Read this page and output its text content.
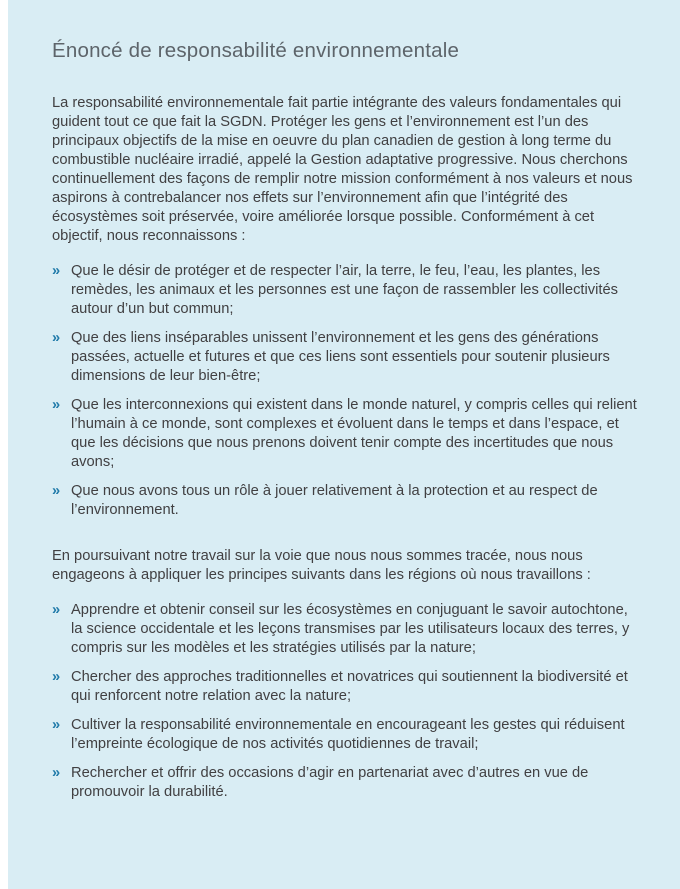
Énoncé de responsabilité environnementale

La responsabilité environnementale fait partie intégrante des valeurs fondamentales qui guident tout ce que fait la SGDN. Protéger les gens et l’environnement est l’un des principaux objectifs de la mise en oeuvre du plan canadien de gestion à long terme du combustible nucléaire irradié, appelé la Gestion adaptative progressive. Nous cherchons continuellement des façons de remplir notre mission conformément à nos valeurs et nous aspirons à contrebalancer nos effets sur l’environnement afin que l’intégrité des écosystèmes soit préservée, voire améliorée lorsque possible. Conformément à cet objectif, nous reconnaissons :

» Que le désir de protéger et de respecter l’air, la terre, le feu, l’eau, les plantes, les remèdes, les animaux et les personnes est une façon de rassembler les collectivités autour d’un but commun;
» Que des liens inséparables unissent l’environnement et les gens des générations passées, actuelle et futures et que ces liens sont essentiels pour soutenir plusieurs dimensions de leur bien-être;
» Que les interconnexions qui existent dans le monde naturel, y compris celles qui relient l’humain à ce monde, sont complexes et évoluent dans le temps et dans l’espace, et que les décisions que nous prenons doivent tenir compte des incertitudes que nous avons;
» Que nous avons tous un rôle à jouer relativement à la protection et au respect de l’environnement.

En poursuivant notre travail sur la voie que nous nous sommes tracée, nous nous engageons à appliquer les principes suivants dans les régions où nous travaillons :

» Apprendre et obtenir conseil sur les écosystèmes en conjuguant le savoir autochtone, la science occidentale et les leçons transmises par les utilisateurs locaux des terres, y compris sur les modèles et les stratégies utilisés par la nature;
» Chercher des approches traditionnelles et novatrices qui soutiennent la biodiversité et qui renforcent notre relation avec la nature;
» Cultiver la responsabilité environnementale en encourageant les gestes qui réduisent l’empreinte écologique de nos activités quotidiennes de travail;
» Rechercher et offrir des occasions d’agir en partenariat avec d’autres en vue de promouvoir la durabilité.
